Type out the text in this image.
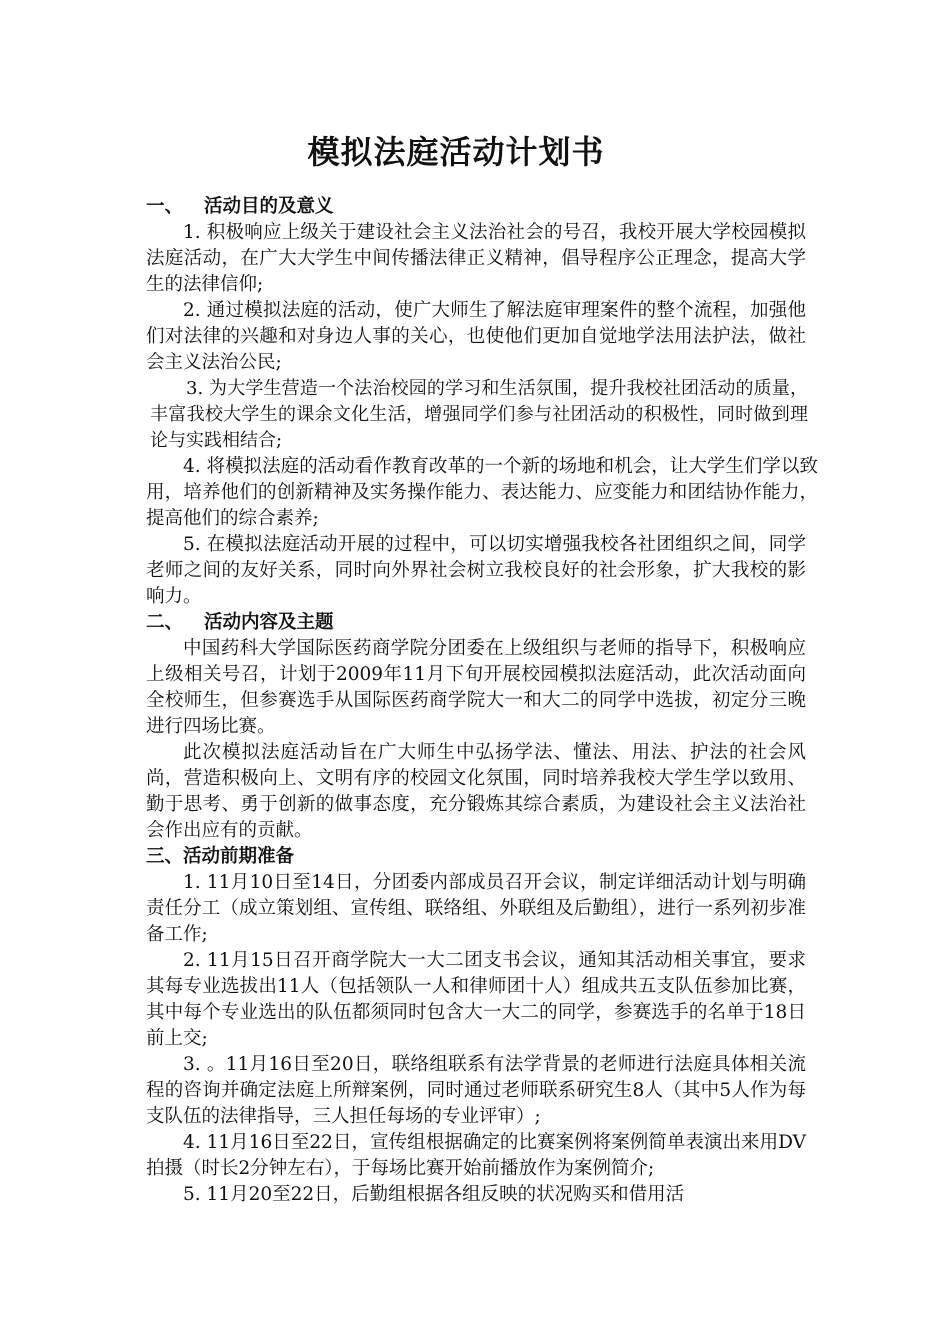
模拟法庭活动计划书
一、 活动目的及意义

1. 积极响应上级关于建设社会主义法治社会的号召，我校开展大学校园模拟法庭活动，在广大大学生中间传播法律正义精神，倡导程序公正理念，提高大学生的法律信仰;

2. 通过模拟法庭的活动，使广大师生了解法庭审理案件的整个流程，加强他们对法律的兴趣和对身边人事的关心，也使他们更加自觉地学法用法护法，做社会主义法治公民;

3. 为大学生营造一个法治校园的学习和生活氛围，提升我校社团活动的质量，丰富我校大学生的课余文化生活，增强同学们参与社团活动的积极性，同时做到理论与实践相结合;

4. 将模拟法庭的活动看作教育改革的一个新的场地和机会，让大学生们学以致用，培养他们的创新精神及实务操作能力、表达能力、应变能力和团结协作能力，提高他们的综合素养;

5. 在模拟法庭活动开展的过程中，可以切实增强我校各社团组织之间，同学老师之间的友好关系，同时向外界社会树立我校良好的社会形象，扩大我校的影响力。

二、 活动内容及主题

中国药科大学国际医药商学院分团委在上级组织与老师的指导下，积极响应上级相关号召，计划于2009年11月下旬开展校园模拟法庭活动，此次活动面向全校师生，但参赛选手从国际医药商学院大一和大二的同学中选拔，初定分三晚进行四场比赛。

此次模拟法庭活动旨在广大师生中弘扬学法、懂法、用法、护法的社会风尚，营造积极向上、文明有序的校园文化氛围，同时培养我校大学生学以致用、勤于思考、勇于创新的做事态度，充分锻炼其综合素质，为建设社会主义法治社会作出应有的贡献。

三、活动前期准备

1. 11月10日至14日，分团委内部成员召开会议，制定详细活动计划与明确责任分工（成立策划组、宣传组、联络组、外联组及后勤组），进行一系列初步准备工作;

2. 11月15日召开商学院大一大二团支书会议，通知其活动相关事宜，要求其每专业选拔出11人（包括领队一人和律师团十人）组成共五支队伍参加比赛，其中每个专业选出的队伍都须同时包含大一大二的同学，参赛选手的名单于18日前上交;

3. 。11月16日至20日，联络组联系有法学背景的老师进行法庭具体相关流程的咨询并确定法庭上所辩案例，同时通过老师联系研究生8人（其中5人作为每支队伍的法律指导，三人担任每场的专业评审）;

4. 11月16日至22日，宣传组根据确定的比赛案例将案例简单表演出来用DV拍摄（时长2分钟左右），于每场比赛开始前播放作为案例简介;

5. 11月20至22日，后勤组根据各组反映的状况购买和借用活
